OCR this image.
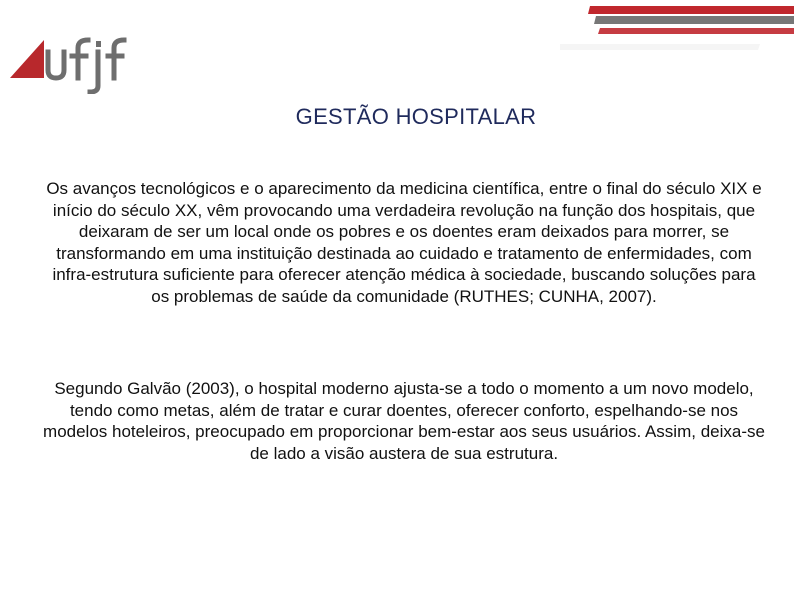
GESTÃO HOSPITALAR

Os avanços tecnológicos e o aparecimento da medicina científica, entre o final do século XIX e início do século XX, vêm provocando uma verdadeira revolução na função dos hospitais, que deixaram de ser um local onde os pobres e os doentes eram deixados para morrer, se transformando em uma instituição destinada ao cuidado e tratamento de enfermidades, com infra-estrutura suficiente para oferecer atenção médica à sociedade, buscando soluções para os problemas de saúde da comunidade (RUTHES; CUNHA, 2007).

Segundo Galvão (2003), o hospital moderno ajusta-se a todo o momento a um novo modelo, tendo como metas, além de tratar e curar doentes, oferecer conforto, espelhando-se nos modelos hoteleiros, preocupado em proporcionar bem-estar aos seus usuários. Assim, deixa-se de lado a visão austera de sua estrutura.
